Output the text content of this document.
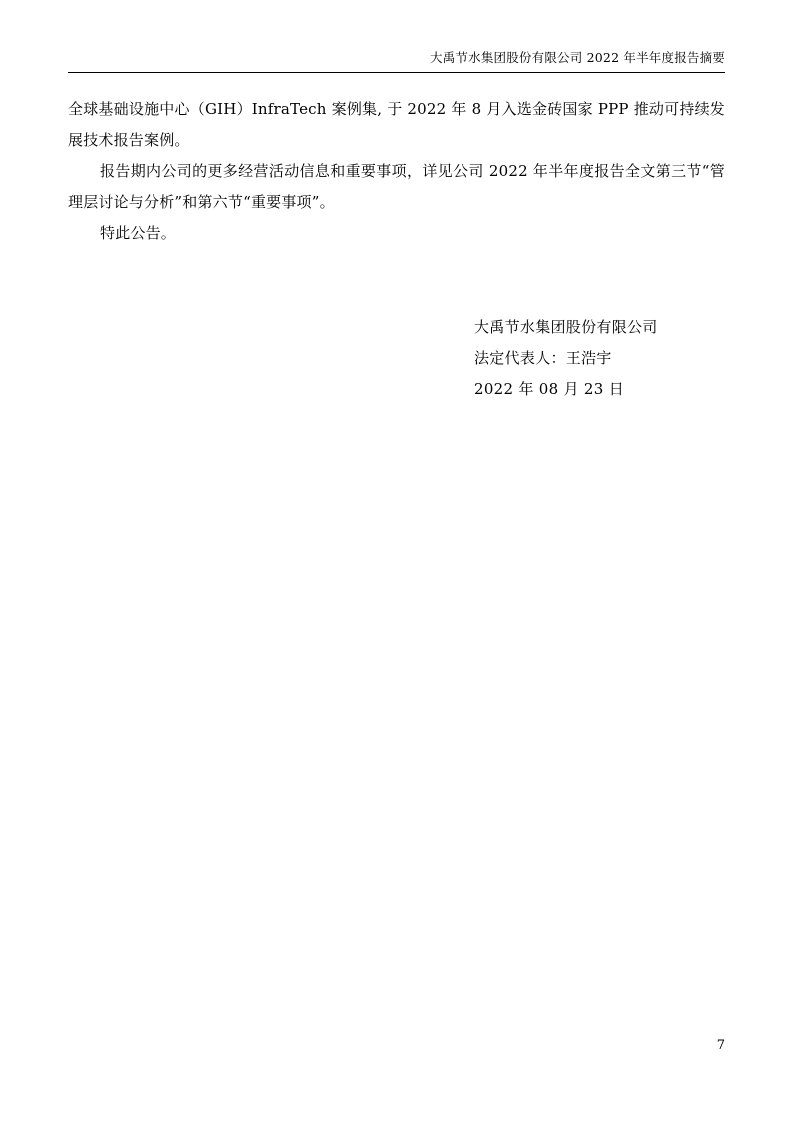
大禹节水集团股份有限公司 2022 年半年度报告摘要

全球基础设施中心（GIH）InfraTech 案例集, 于 2022 年 8 月入选金砖国家 PPP 推动可持续发展技术报告案例。

报告期内公司的更多经营活动信息和重要事项，详见公司 2022 年半年度报告全文第三节“管理层讨论与分析”和第六节“重要事项”。

特此公告。

大禹节水集团股份有限公司
法定代表人：王浩宇
2022 年 08 月 23 日
7
